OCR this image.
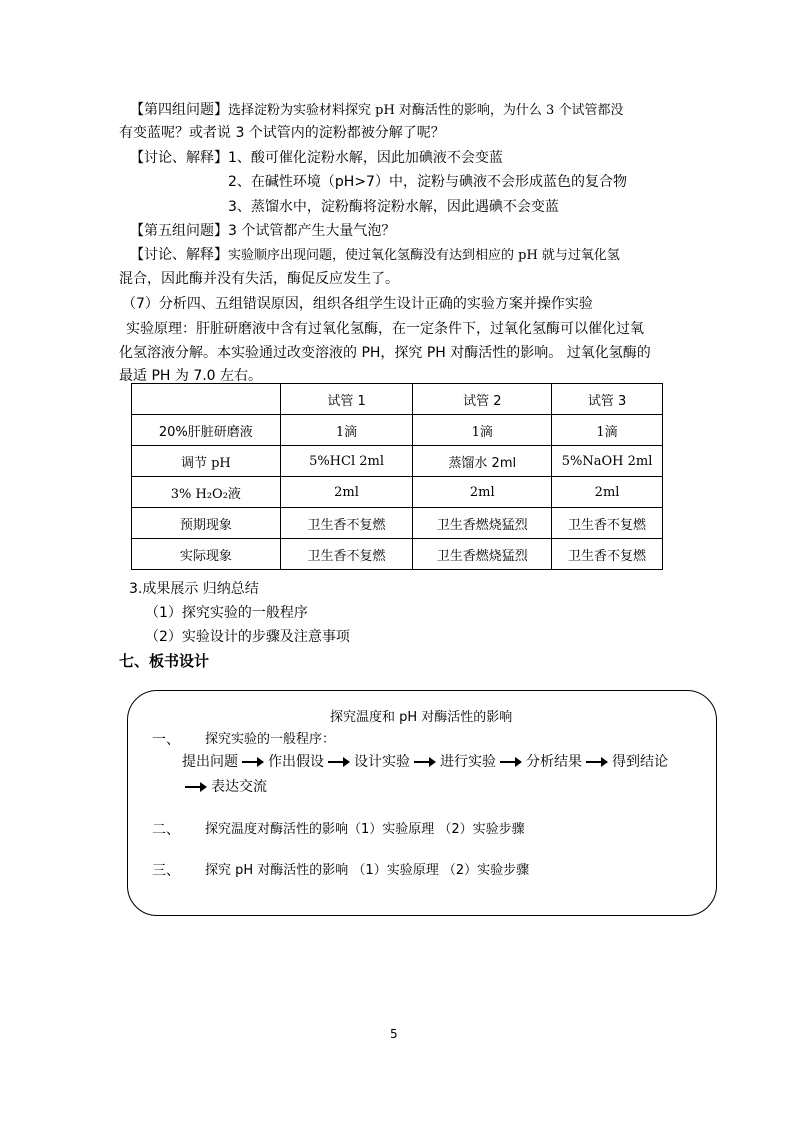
【第四组问题】选择淀粉为实验材料探究 pH 对酶活性的影响，为什么 3 个试管都没
有变蓝呢？或者说 3 个试管内的淀粉都被分解了呢？
【讨论、解释】1、酸可催化淀粉水解，因此加碘液不会变蓝
2、在碱性环境（pH>7）中，淀粉与碘液不会形成蓝色的复合物
3、蒸馏水中，淀粉酶将淀粉水解，因此遇碘不会变蓝
【第五组问题】3 个试管都产生大量气泡？
【讨论、解释】实验顺序出现问题，使过氧化氢酶没有达到相应的 pH 就与过氧化氢
混合，因此酶并没有失活，酶促反应发生了。
（7）分析四、五组错误原因，组织各组学生设计正确的实验方案并操作实验
实验原理：肝脏研磨液中含有过氧化氢酶，在一定条件下，过氧化氢酶可以催化过氧
化氢溶液分解。本实验通过改变溶液的 PH，探究 PH 对酶活性的影响。 过氧化氢酶的
最适 PH 为 7.0 左右。
	试管 1	试管 2	试管 3
20%肝脏研磨液	1滴	1滴	1滴
调节 pH	5%HCl 2ml	蒸馏水 2ml	5%NaOH 2ml
3% H₂O₂液	2ml	2ml	2ml
预期现象	卫生香不复燃	卫生香燃烧猛烈	卫生香不复燃
实际现象	卫生香不复燃	卫生香燃烧猛烈	卫生香不复燃
3.成果展示 归纳总结
（1）探究实验的一般程序
（2）实验设计的步骤及注意事项
七、板书设计
探究温度和 pH 对酶活性的影响
一、 探究实验的一般程序：
提出问题 作出假设 设计实验 进行实验 分析结果 得到结论
表达交流
二、 探究温度对酶活性的影响（1）实验原理 （2）实验步骤
三、 探究 pH 对酶活性的影响 （1）实验原理 （2）实验步骤
5
